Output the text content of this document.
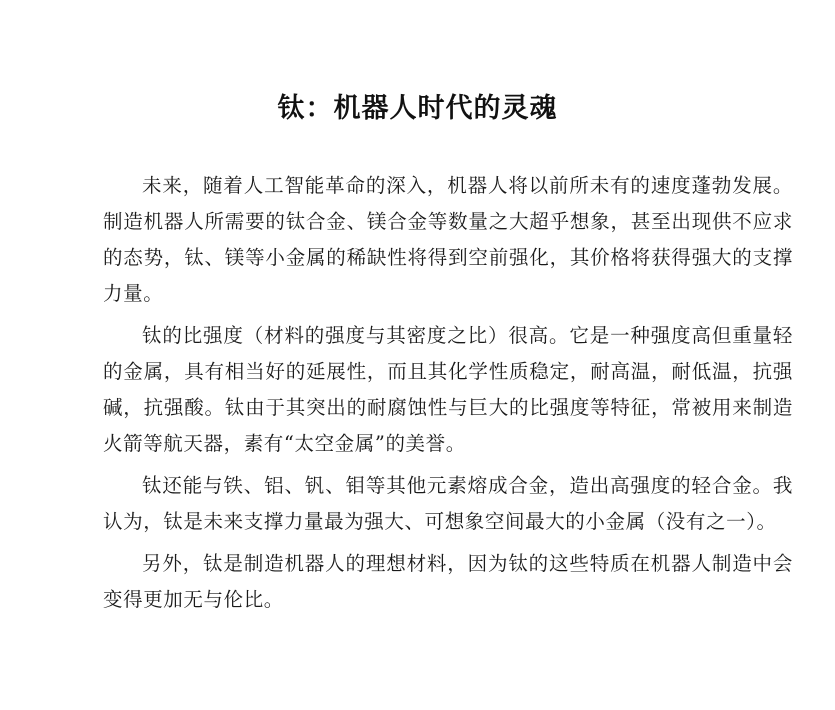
钛：机器人时代的灵魂

未来，随着人工智能革命的深入，机器人将以前所未有的速度蓬勃发展。制造机器人所需要的钛合金、镁合金等数量之大超乎想象，甚至出现供不应求的态势，钛、镁等小金属的稀缺性将得到空前强化，其价格将获得强大的支撑力量。

钛的比强度（材料的强度与其密度之比）很高。它是一种强度高但重量轻的金属，具有相当好的延展性，而且其化学性质稳定，耐高温，耐低温，抗强碱，抗强酸。钛由于其突出的耐腐蚀性与巨大的比强度等特征，常被用来制造火箭等航天器，素有“太空金属”的美誉。

钛还能与铁、铝、钒、钼等其他元素熔成合金，造出高强度的轻合金。我认为，钛是未来支撑力量最为强大、可想象空间最大的小金属（没有之一）。

另外，钛是制造机器人的理想材料，因为钛的这些特质在机器人制造中会变得更加无与伦比。
